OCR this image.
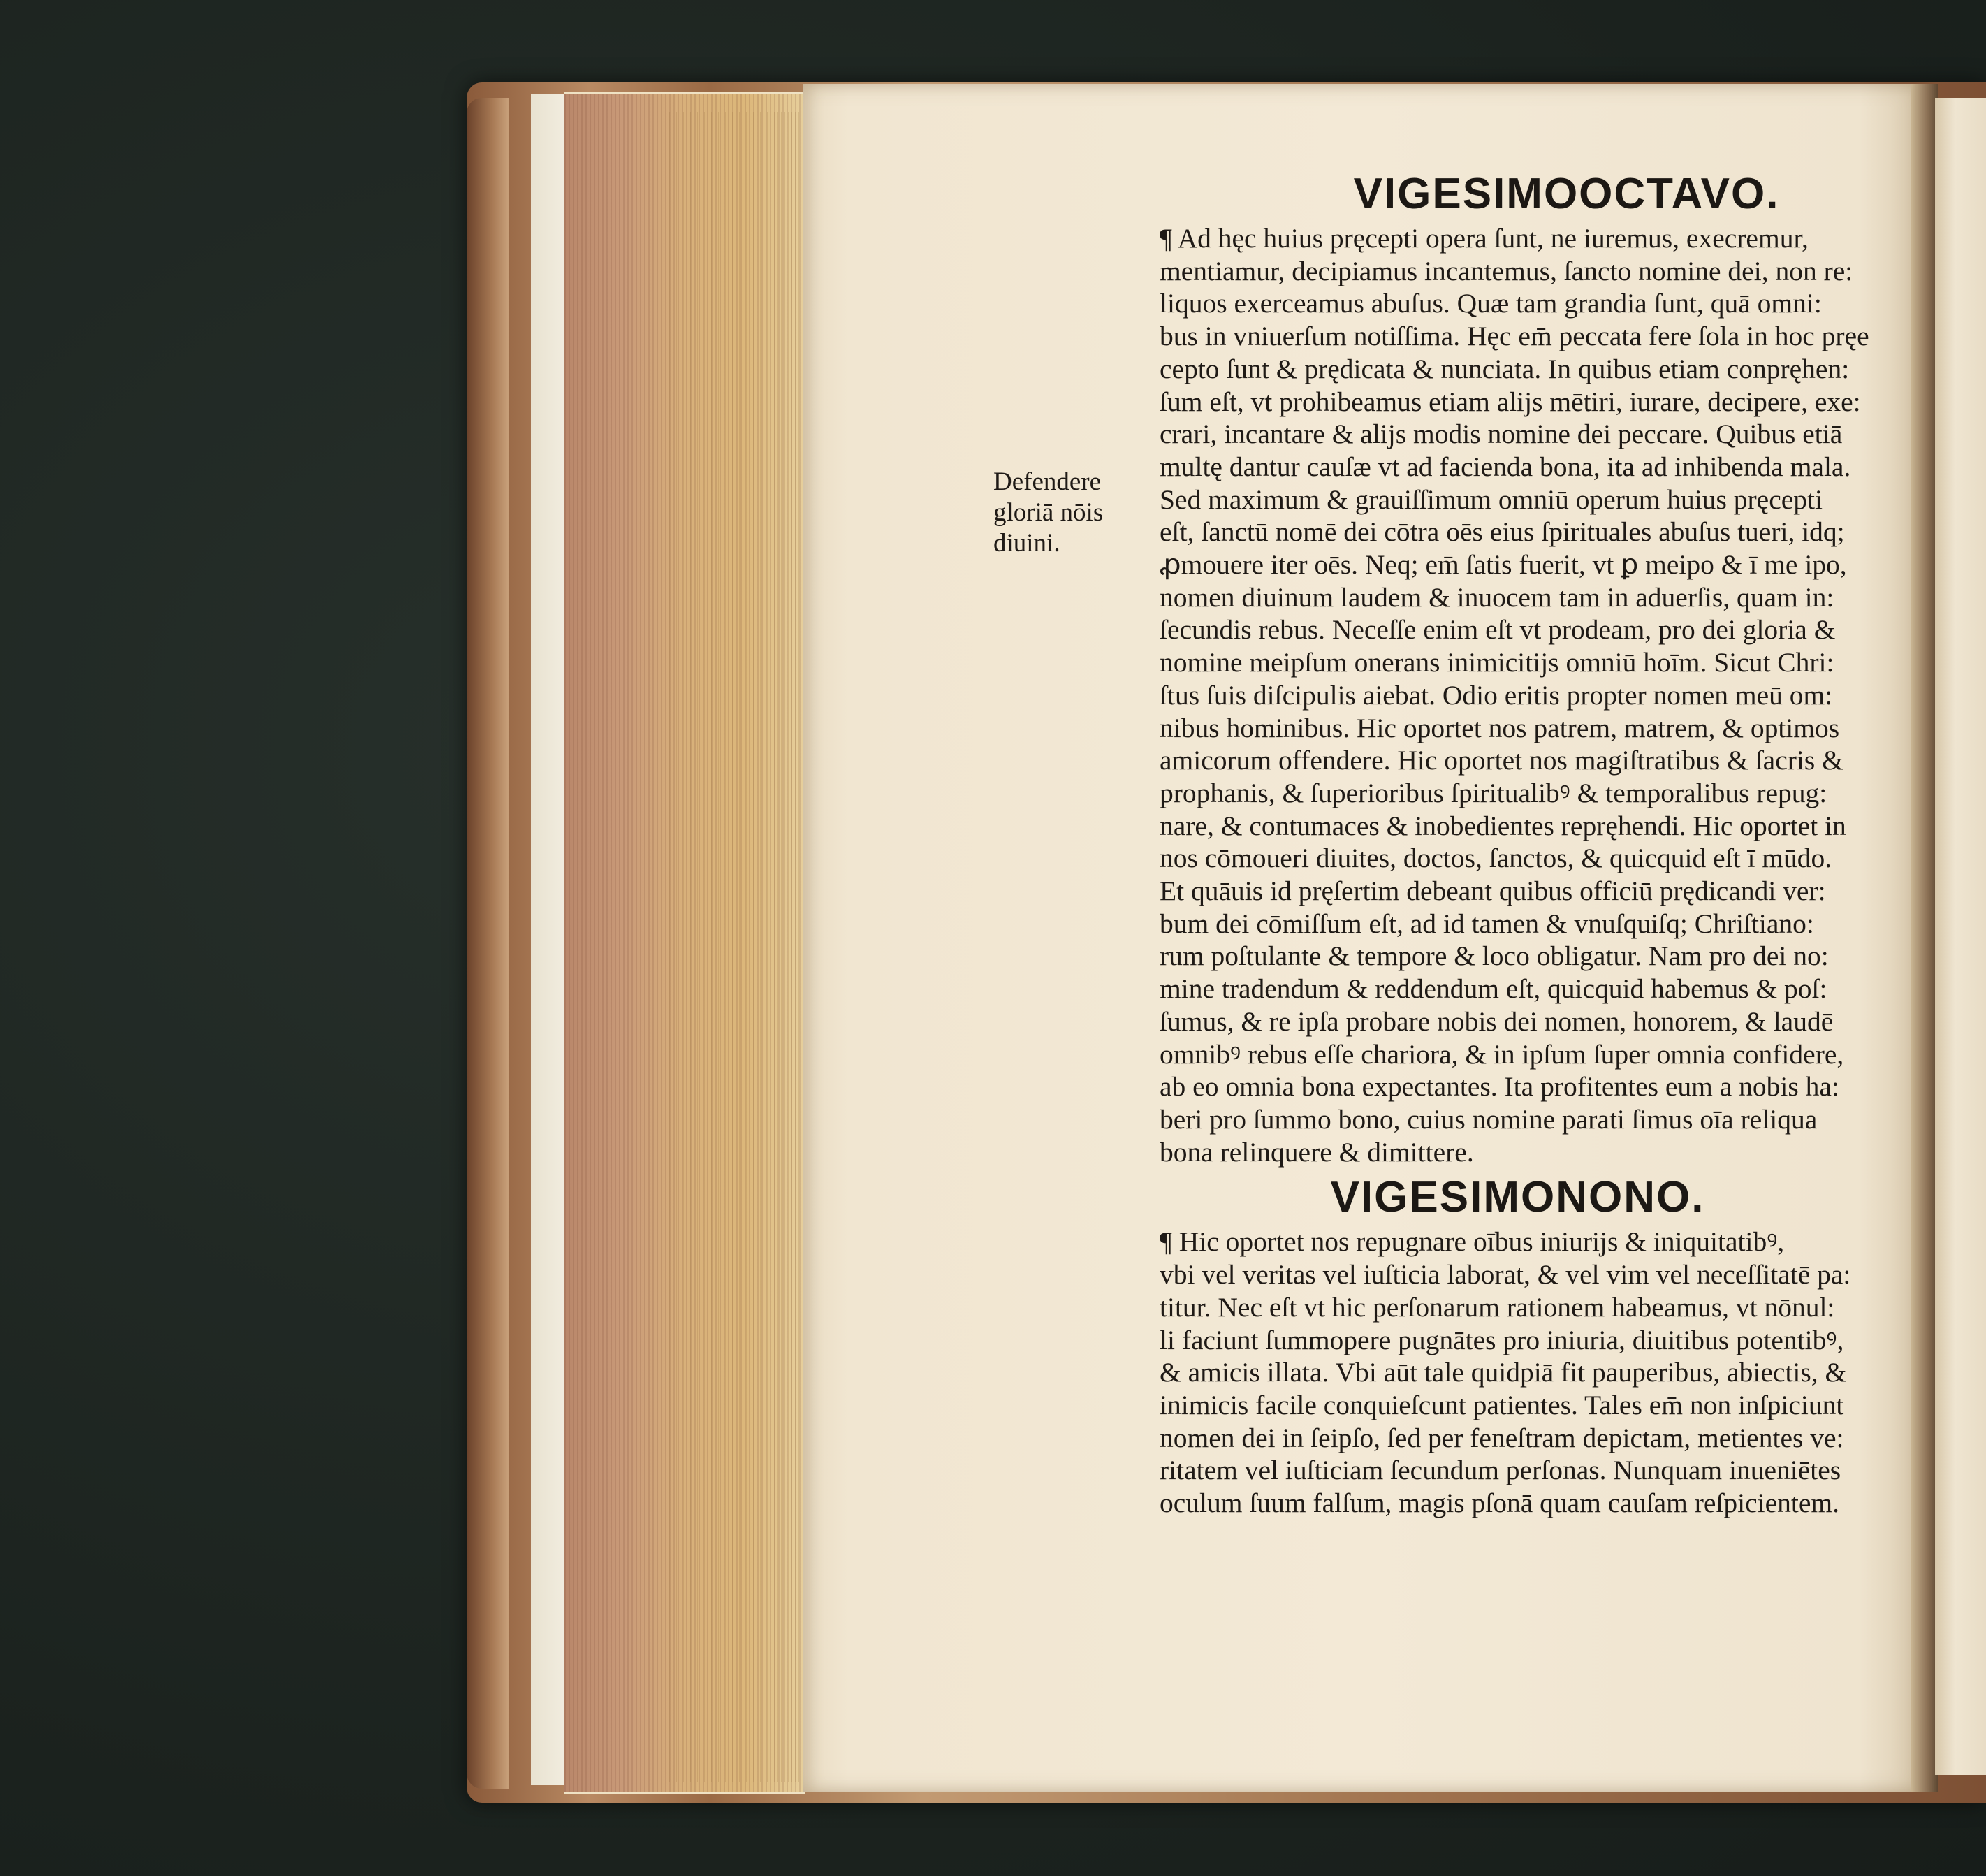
Defendere
gloriā nōis
diuini.
VIGESIMOOCTAVO.

¶ Ad hęc huius pręcepti opera ſunt, ne iuremus, execremur,
mentiamur, decipiamus incantemus, ſancto nomine dei, non re:
liquos exerceamus abuſus. Quæ tam grandia ſunt, quā omni:
bus in vniuerſum notiſſima. Hęc em̄ peccata fere ſola in hoc pręe
cepto ſunt & prędicata & nunciata. In quibus etiam conpręhen:
ſum eſt, vt prohibeamus etiam alijs mētiri, iurare, decipere, exe:
crari, incantare & alijs modis nomine dei peccare. Quibus etiā
multę dantur cauſæ vt ad facienda bona, ita ad inhibenda mala.
Sed maximum & grauiſſimum omniū operum huius pręcepti
eſt, ſanctū nomē dei cōtra oēs eius ſpirituales abuſus tueri, idq;
ꝓmouere iter oēs. Neq; em̄ ſatis fuerit, vt ꝑ meipo & ī me ipo,
nomen diuinum laudem & inuocem tam in aduerſis, quam in:
ſecundis rebus. Neceſſe enim eſt vt prodeam, pro dei gloria &
nomine meipſum onerans inimicitijs omniū hoīm. Sicut Chri:
ſtus ſuis diſcipulis aiebat. Odio eritis propter nomen meū om:
nibus hominibus. Hic oportet nos patrem, matrem, & optimos
amicorum offendere. Hic oportet nos magiſtratibus & ſacris &
prophanis, & ſuperioribus ſpiritualibꝰ & temporalibus repug:
nare, & contumaces & inobedientes repręhendi. Hic oportet in
nos cōmoueri diuites, doctos, ſanctos, & quicquid eſt ī mūdo.
Et quāuis id pręſertim debeant quibus officiū prędicandi ver:
bum dei cōmiſſum eſt, ad id tamen & vnuſquiſq; Chriſtiano:
rum poſtulante & tempore & loco obligatur. Nam pro dei no:
mine tradendum & reddendum eſt, quicquid habemus & poſ:
ſumus, & re ipſa probare nobis dei nomen, honorem, & laudē
omnibꝰ rebus eſſe chariora, & in ipſum ſuper omnia confidere,
ab eo omnia bona expectantes. Ita profitentes eum a nobis ha:
beri pro ſummo bono, cuius nomine parati ſimus oīa reliqua
bona relinquere & dimittere.

VIGESIMONONO.

¶ Hic oportet nos repugnare oībus iniurijs & iniquitatibꝰ,
vbi vel veritas vel iuſticia laborat, & vel vim vel neceſſitatē pa:
titur. Nec eſt vt hic perſonarum rationem habeamus, vt nōnul:
li faciunt ſummopere pugnātes pro iniuria, diuitibus potentibꝰ,
& amicis illata. Vbi aūt tale quidpiā fit pauperibus, abiectis, &
inimicis facile conquieſcunt patientes. Tales em̄ non inſpiciunt
nomen dei in ſeipſo, ſed per feneſtram depictam, metientes ve:
ritatem vel iuſticiam ſecundum perſonas. Nunquam inueniētes
oculum ſuum falſum, magis pſonā quam cauſam reſpicientem.
